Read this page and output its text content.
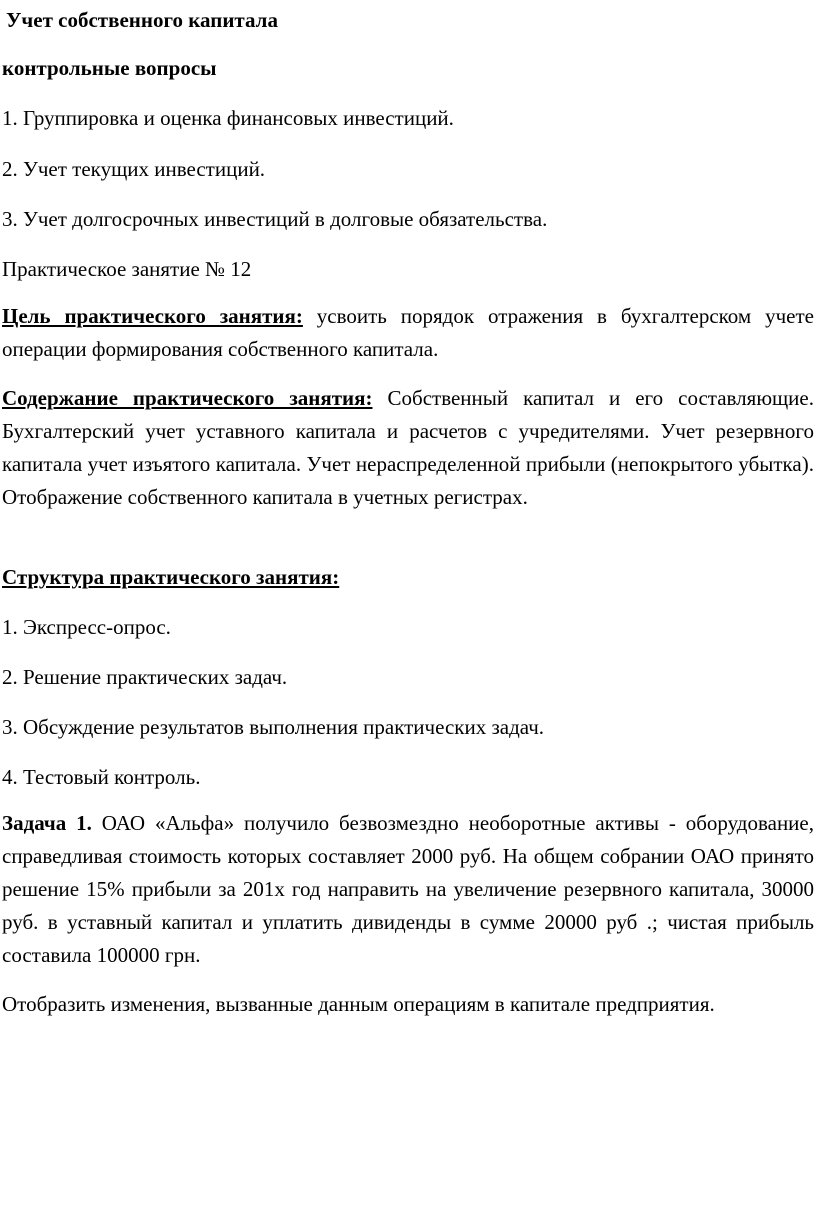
Учет собственного капитала
контрольные вопросы
1. Группировка и оценка финансовых инвестиций.
2. Учет текущих инвестиций.
3. Учет долгосрочных инвестиций в долговые обязательства.
Практическое занятие № 12
Цель практического занятия: усвоить порядок отражения в бухгалтерском учете операции формирования собственного капитала.
Содержание практического занятия: Собственный капитал и его составляющие. Бухгалтерский учет уставного капитала и расчетов с учредителями. Учет резервного капитала учет изъятого капитала. Учет нераспределенной прибыли (непокрытого убытка). Отображение собственного капитала в учетных регистрах.
Структура практического занятия:
1. Экспресс-опрос.
2. Решение практических задач.
3. Обсуждение результатов выполнения практических задач.
4. Тестовый контроль.
Задача 1. ОАО «Альфа» получило безвозмездно необоротные активы - оборудование, справедливая стоимость которых составляет 2000 руб. На общем собрании ОАО принято решение 15% прибыли за 201х год направить на увеличение резервного капитала, 30000 руб. в уставный капитал и уплатить дивиденды в сумме 20000 руб .; чистая прибыль составила 100000 грн.
Отобразить изменения, вызванные данным операциям в капитале предприятия.
